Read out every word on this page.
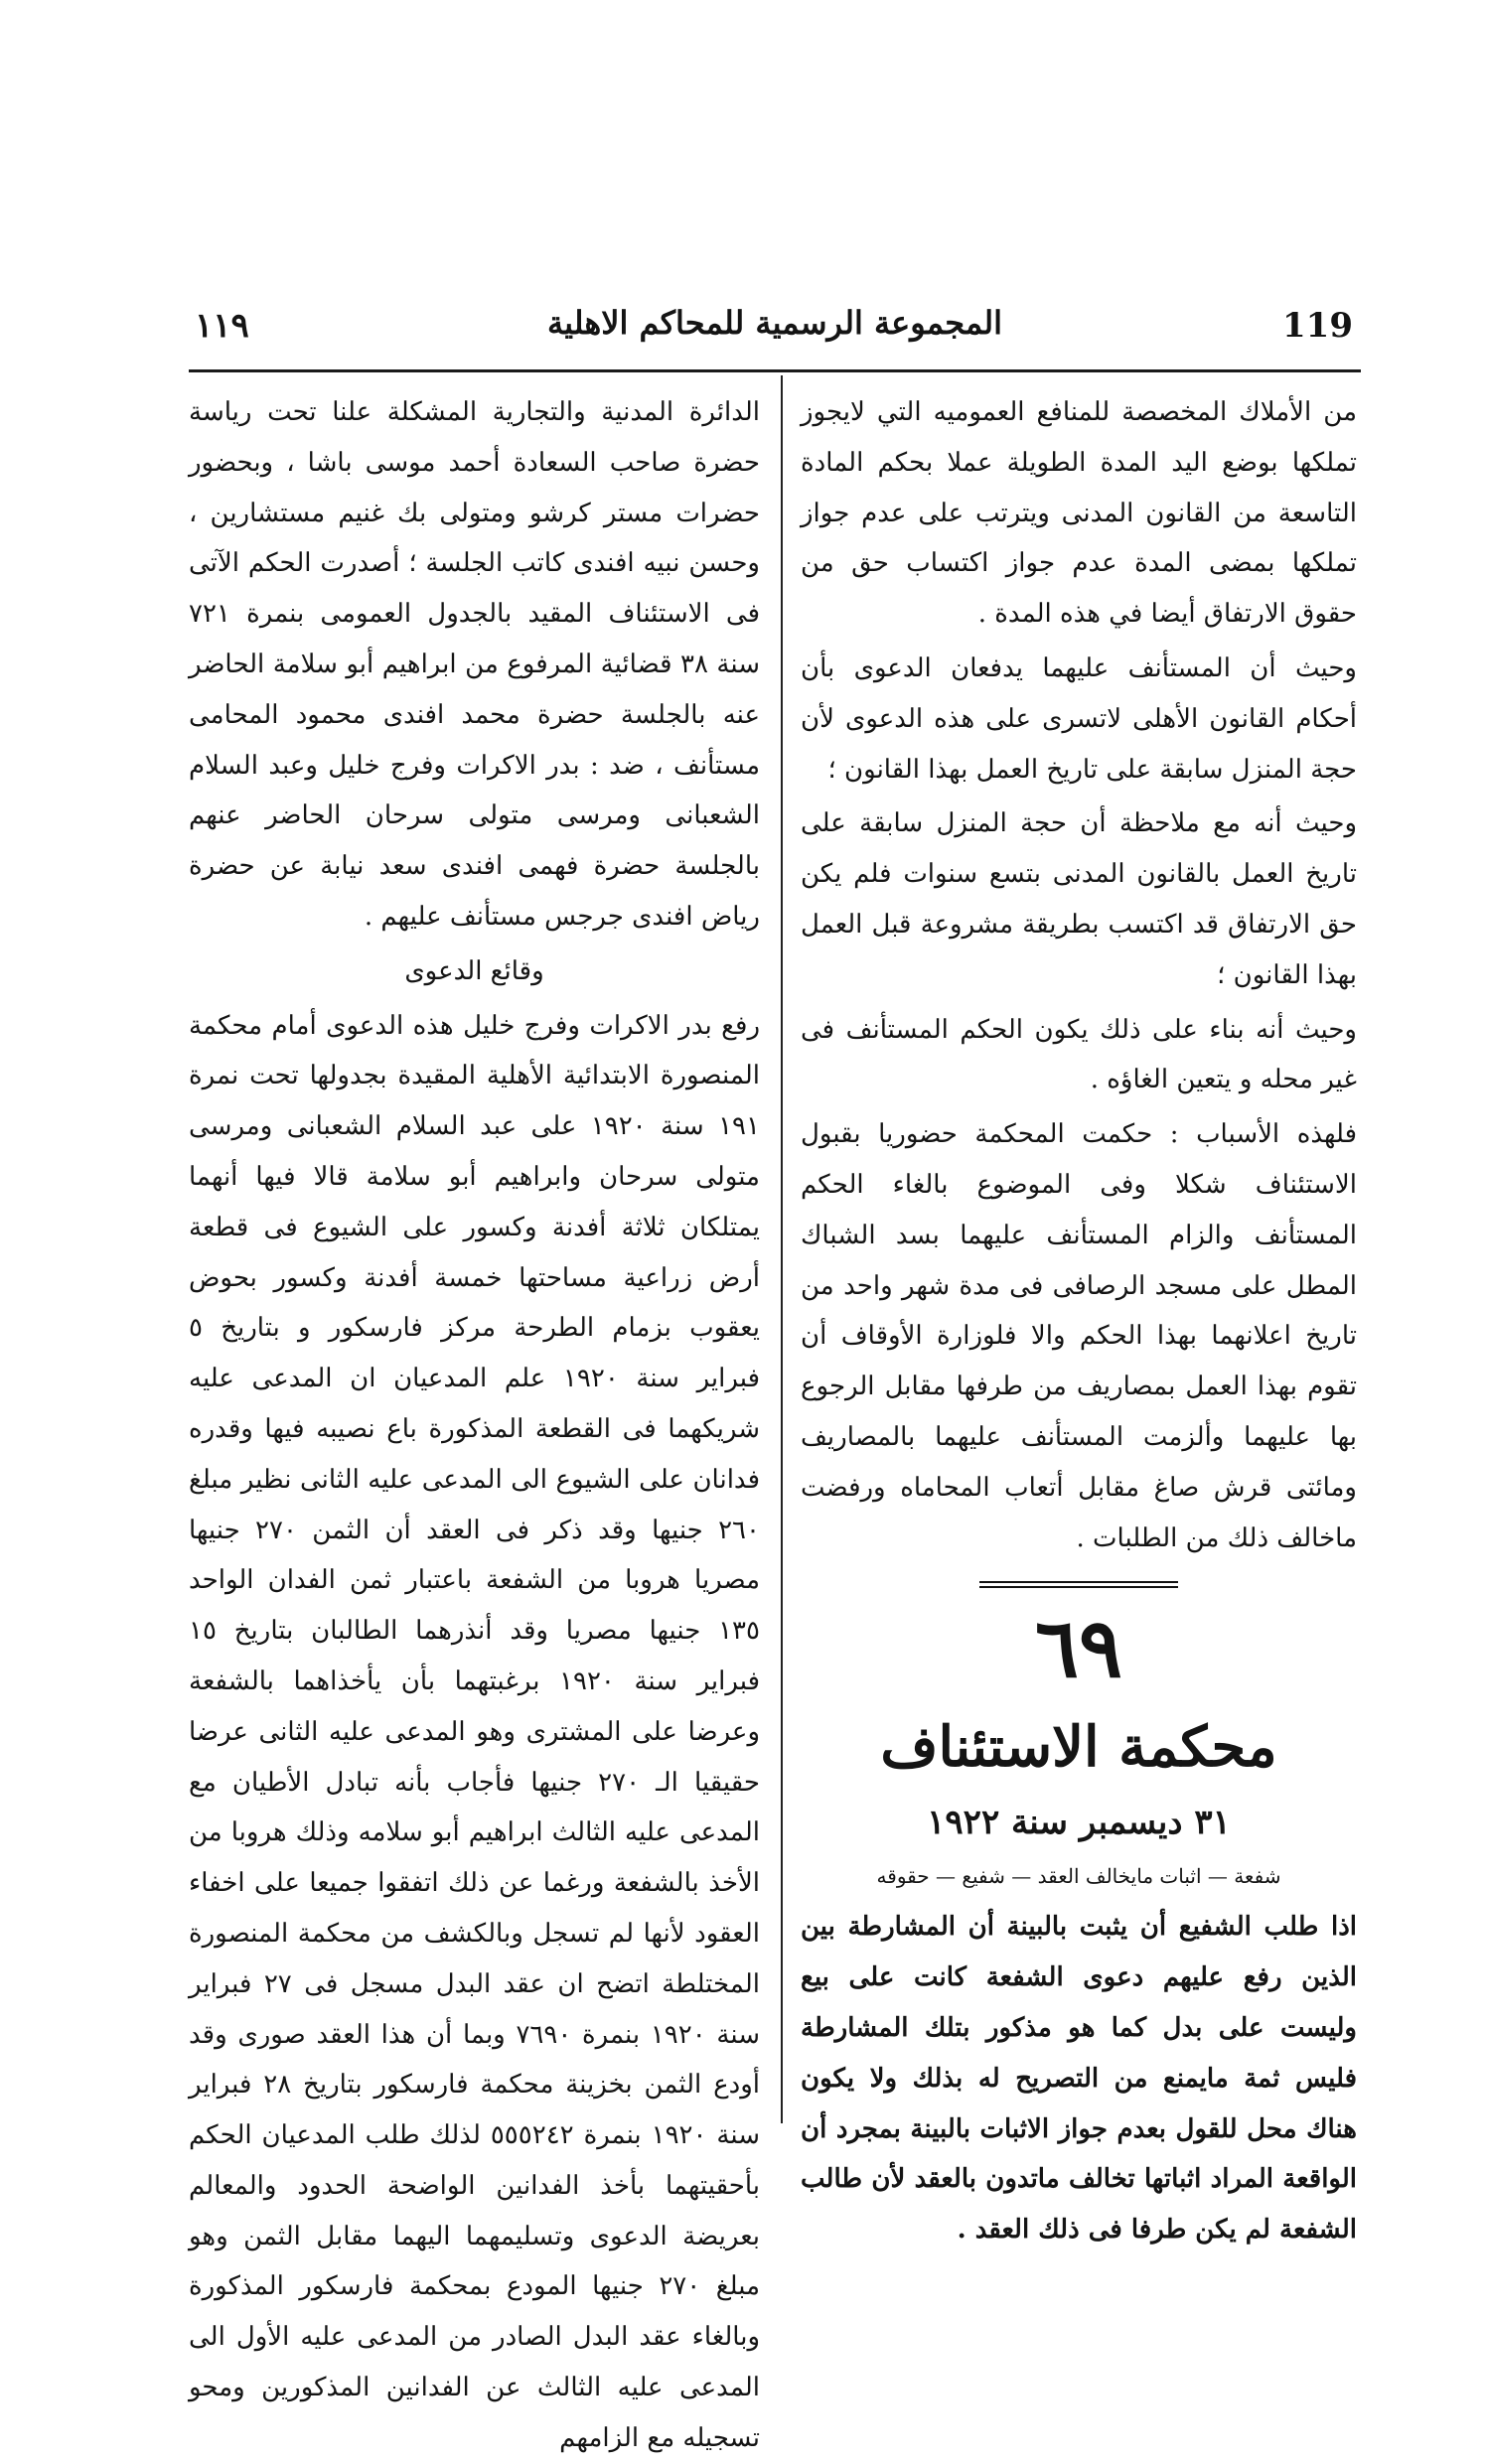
١١٩	المجموعة الرسمية للمحاكم الاهلية	119

من الأملاك المخصصة للمنافع العموميه التي لايجوز تملكها بوضع اليد المدة الطويلة عملا بحكم المادة التاسعة من القانون المدنى ويترتب على عدم جواز تملكها بمضى المدة عدم جواز اكتساب حق من حقوق الارتفاق أيضا في هذه المدة .

وحيث أن المستأنف عليهما يدفعان الدعوى بأن أحكام القانون الأهلى لاتسرى على هذه الدعوى لأن حجة المنزل سابقة على تاريخ العمل بهذا القانون ؛

وحيث أنه مع ملاحظة أن حجة المنزل سابقة على تاريخ العمل بالقانون المدنى بتسع سنوات فلم يكن حق الارتفاق قد اكتسب بطريقة مشروعة قبل العمل بهذا القانون ؛

وحيث أنه بناء على ذلك يكون الحكم المستأنف فى غير محله و يتعين الغاؤه .

فلهذه الأسباب : حكمت المحكمة حضوريا بقبول الاستئناف شكلا وفى الموضوع بالغاء الحكم المستأنف والزام المستأنف عليهما بسد الشباك المطل على مسجد الرصافى فى مدة شهر واحد من تاريخ اعلانهما بهذا الحكم والا فلوزارة الأوقاف أن تقوم بهذا العمل بمصاريف من طرفها مقابل الرجوع بها عليهما وألزمت المستأنف عليهما بالمصاريف ومائتى قرش صاغ مقابل أتعاب المحاماه ورفضت ماخالف ذلك من الطلبات .

٦٩

محكمة الاستئناف

٣١ ديسمبر سنة ١٩٢٢

شفعة — اثبات مايخالف العقد — شفيع — حقوقه

اذا طلب الشفيع أن يثبت بالبينة أن المشارطة بين الذين رفع عليهم دعوى الشفعة كانت على بيع وليست على بدل كما هو مذكور بتلك المشارطة فليس ثمة مايمنع من التصريح له بذلك ولا يكون هناك محل للقول بعدم جواز الاثبات بالبينة بمجرد أن الواقعة المراد اثباتها تخالف ماتدون بالعقد لأن طالب الشفعة لم يكن طرفا فى ذلك العقد .

الدائرة المدنية والتجارية المشكلة علنا تحت رياسة حضرة صاحب السعادة أحمد موسى باشا ، وبحضور حضرات مستر كرشو ومتولى بك غنيم مستشارين ، وحسن نبيه افندى كاتب الجلسة ؛ أصدرت الحكم الآتى فى الاستئناف المقيد بالجدول العمومى بنمرة ٧٢١ سنة ٣٨ قضائية المرفوع من ابراهيم أبو سلامة الحاضر عنه بالجلسة حضرة محمد افندى محمود المحامى مستأنف ، ضد : بدر الاكرات وفرج خليل وعبد السلام الشعبانى ومرسى متولى سرحان الحاضر عنهم بالجلسة حضرة فهمى افندى سعد نيابة عن حضرة رياض افندى جرجس مستأنف عليهم .

وقائع الدعوى

رفع بدر الاكرات وفرج خليل هذه الدعوى أمام محكمة المنصورة الابتدائية الأهلية المقيدة بجدولها تحت نمرة ١٩١ سنة ١٩٢٠ على عبد السلام الشعبانى ومرسى متولى سرحان وابراهيم أبو سلامة قالا فيها أنهما يمتلكان ثلاثة أفدنة وكسور على الشيوع فى قطعة أرض زراعية مساحتها خمسة أفدنة وكسور بحوض يعقوب بزمام الطرحة مركز فارسكور و بتاريخ ٥ فبراير سنة ١٩٢٠ علم المدعيان ان المدعى عليه شريكهما فى القطعة المذكورة باع نصيبه فيها وقدره فدانان على الشيوع الى المدعى عليه الثانى نظير مبلغ ٢٦٠ جنيها وقد ذكر فى العقد أن الثمن ٢٧٠ جنيها مصريا هروبا من الشفعة باعتبار ثمن الفدان الواحد ١٣٥ جنيها مصريا وقد أنذرهما الطالبان بتاريخ ١٥ فبراير سنة ١٩٢٠ برغبتهما بأن يأخذاهما بالشفعة وعرضا على المشترى وهو المدعى عليه الثانى عرضا حقيقيا الـ ٢٧٠ جنيها فأجاب بأنه تبادل الأطيان مع المدعى عليه الثالث ابراهيم أبو سلامه وذلك هروبا من الأخذ بالشفعة ورغما عن ذلك اتفقوا جميعا على اخفاء العقود لأنها لم تسجل وبالكشف من محكمة المنصورة المختلطة اتضح ان عقد البدل مسجل فى ٢٧ فبراير سنة ١٩٢٠ بنمرة ٧٦٩٠ وبما أن هذا العقد صورى وقد أودع الثمن بخزينة محكمة فارسكور بتاريخ ٢٨ فبراير سنة ١٩٢٠ بنمرة ٥٥٥٢٤٢ لذلك طلب المدعيان الحكم بأحقيتهما بأخذ الفدانين الواضحة الحدود والمعالم بعريضة الدعوى وتسليمهما اليهما مقابل الثمن وهو مبلغ ٢٧٠ جنيها المودع بمحكمة فارسكور المذكورة وبالغاء عقد البدل الصادر من المدعى عليه الأول الى المدعى عليه الثالث عن الفدانين المذكورين ومحو تسجيله مع الزامهم
